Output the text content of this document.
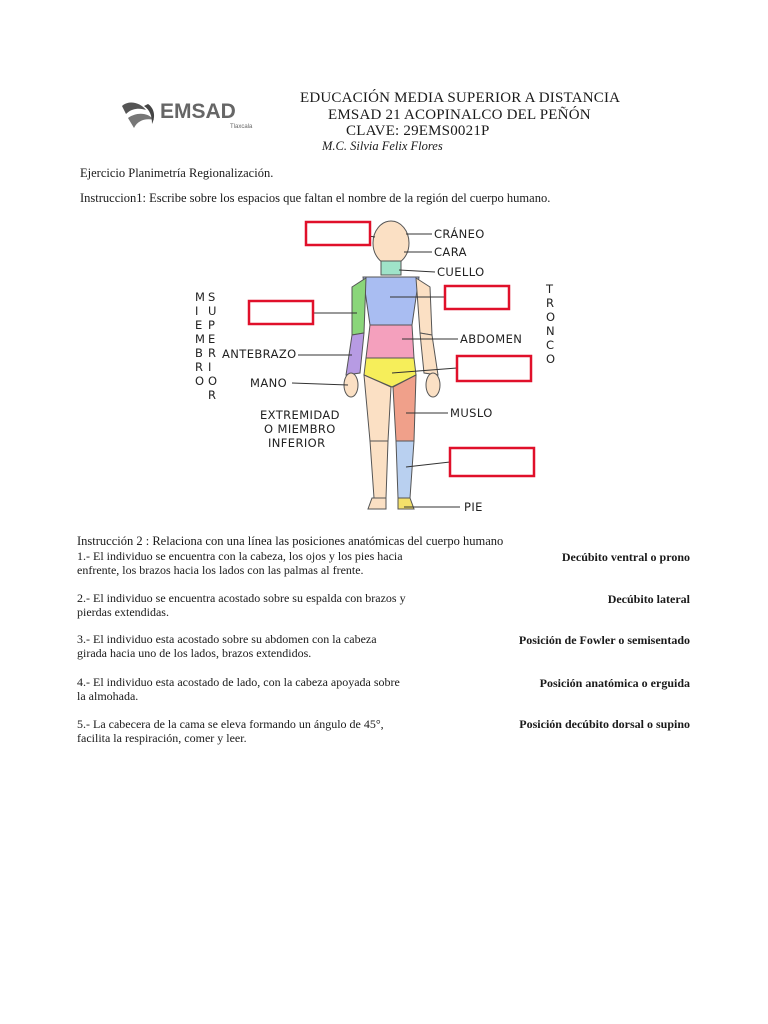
EMSAD
Tlaxcala
EDUCACIÓN MEDIA SUPERIOR A DISTANCIA
EMSAD 21 ACOPINALCO DEL PEÑÓN
CLAVE: 29EMS0021P
M.C. Silvia Felix Flores
Ejercicio Planimetría Regionalización.
Instruccion1: Escribe sobre los espacios que faltan el nombre de la región del cuerpo humano.
CRÁNEO
CARA
CUELLO
ABDOMEN
ANTEBRAZO
MANO
MUSLO
PIE
EXTREMIDAD
O MIEMBRO
INFERIOR
M
I
E
M
B
R
O
S
U
P
E
R
I
O
R
T
R
O
N
C
O
Instrucción 2 : Relaciona con una línea las posiciones anatómicas del cuerpo humano
1.- El individuo se encuentra con la cabeza, los ojos y los pies hacia
enfrente, los brazos hacia los lados con las palmas al frente.
2.- El individuo se encuentra acostado sobre su espalda con brazos y
pierdas extendidas.
3.- El individuo esta acostado sobre su abdomen con la cabeza
girada hacia uno de los lados, brazos extendidos.
4.- El individuo esta acostado de lado, con la cabeza apoyada sobre
la almohada.
5.- La cabecera de la cama se eleva formando un ángulo de 45°,
facilita la respiración, comer y leer.
Decúbito ventral o prono
Decúbito lateral
Posición de Fowler o semisentado
Posición anatómica o erguida
Posición decúbito dorsal o supino
